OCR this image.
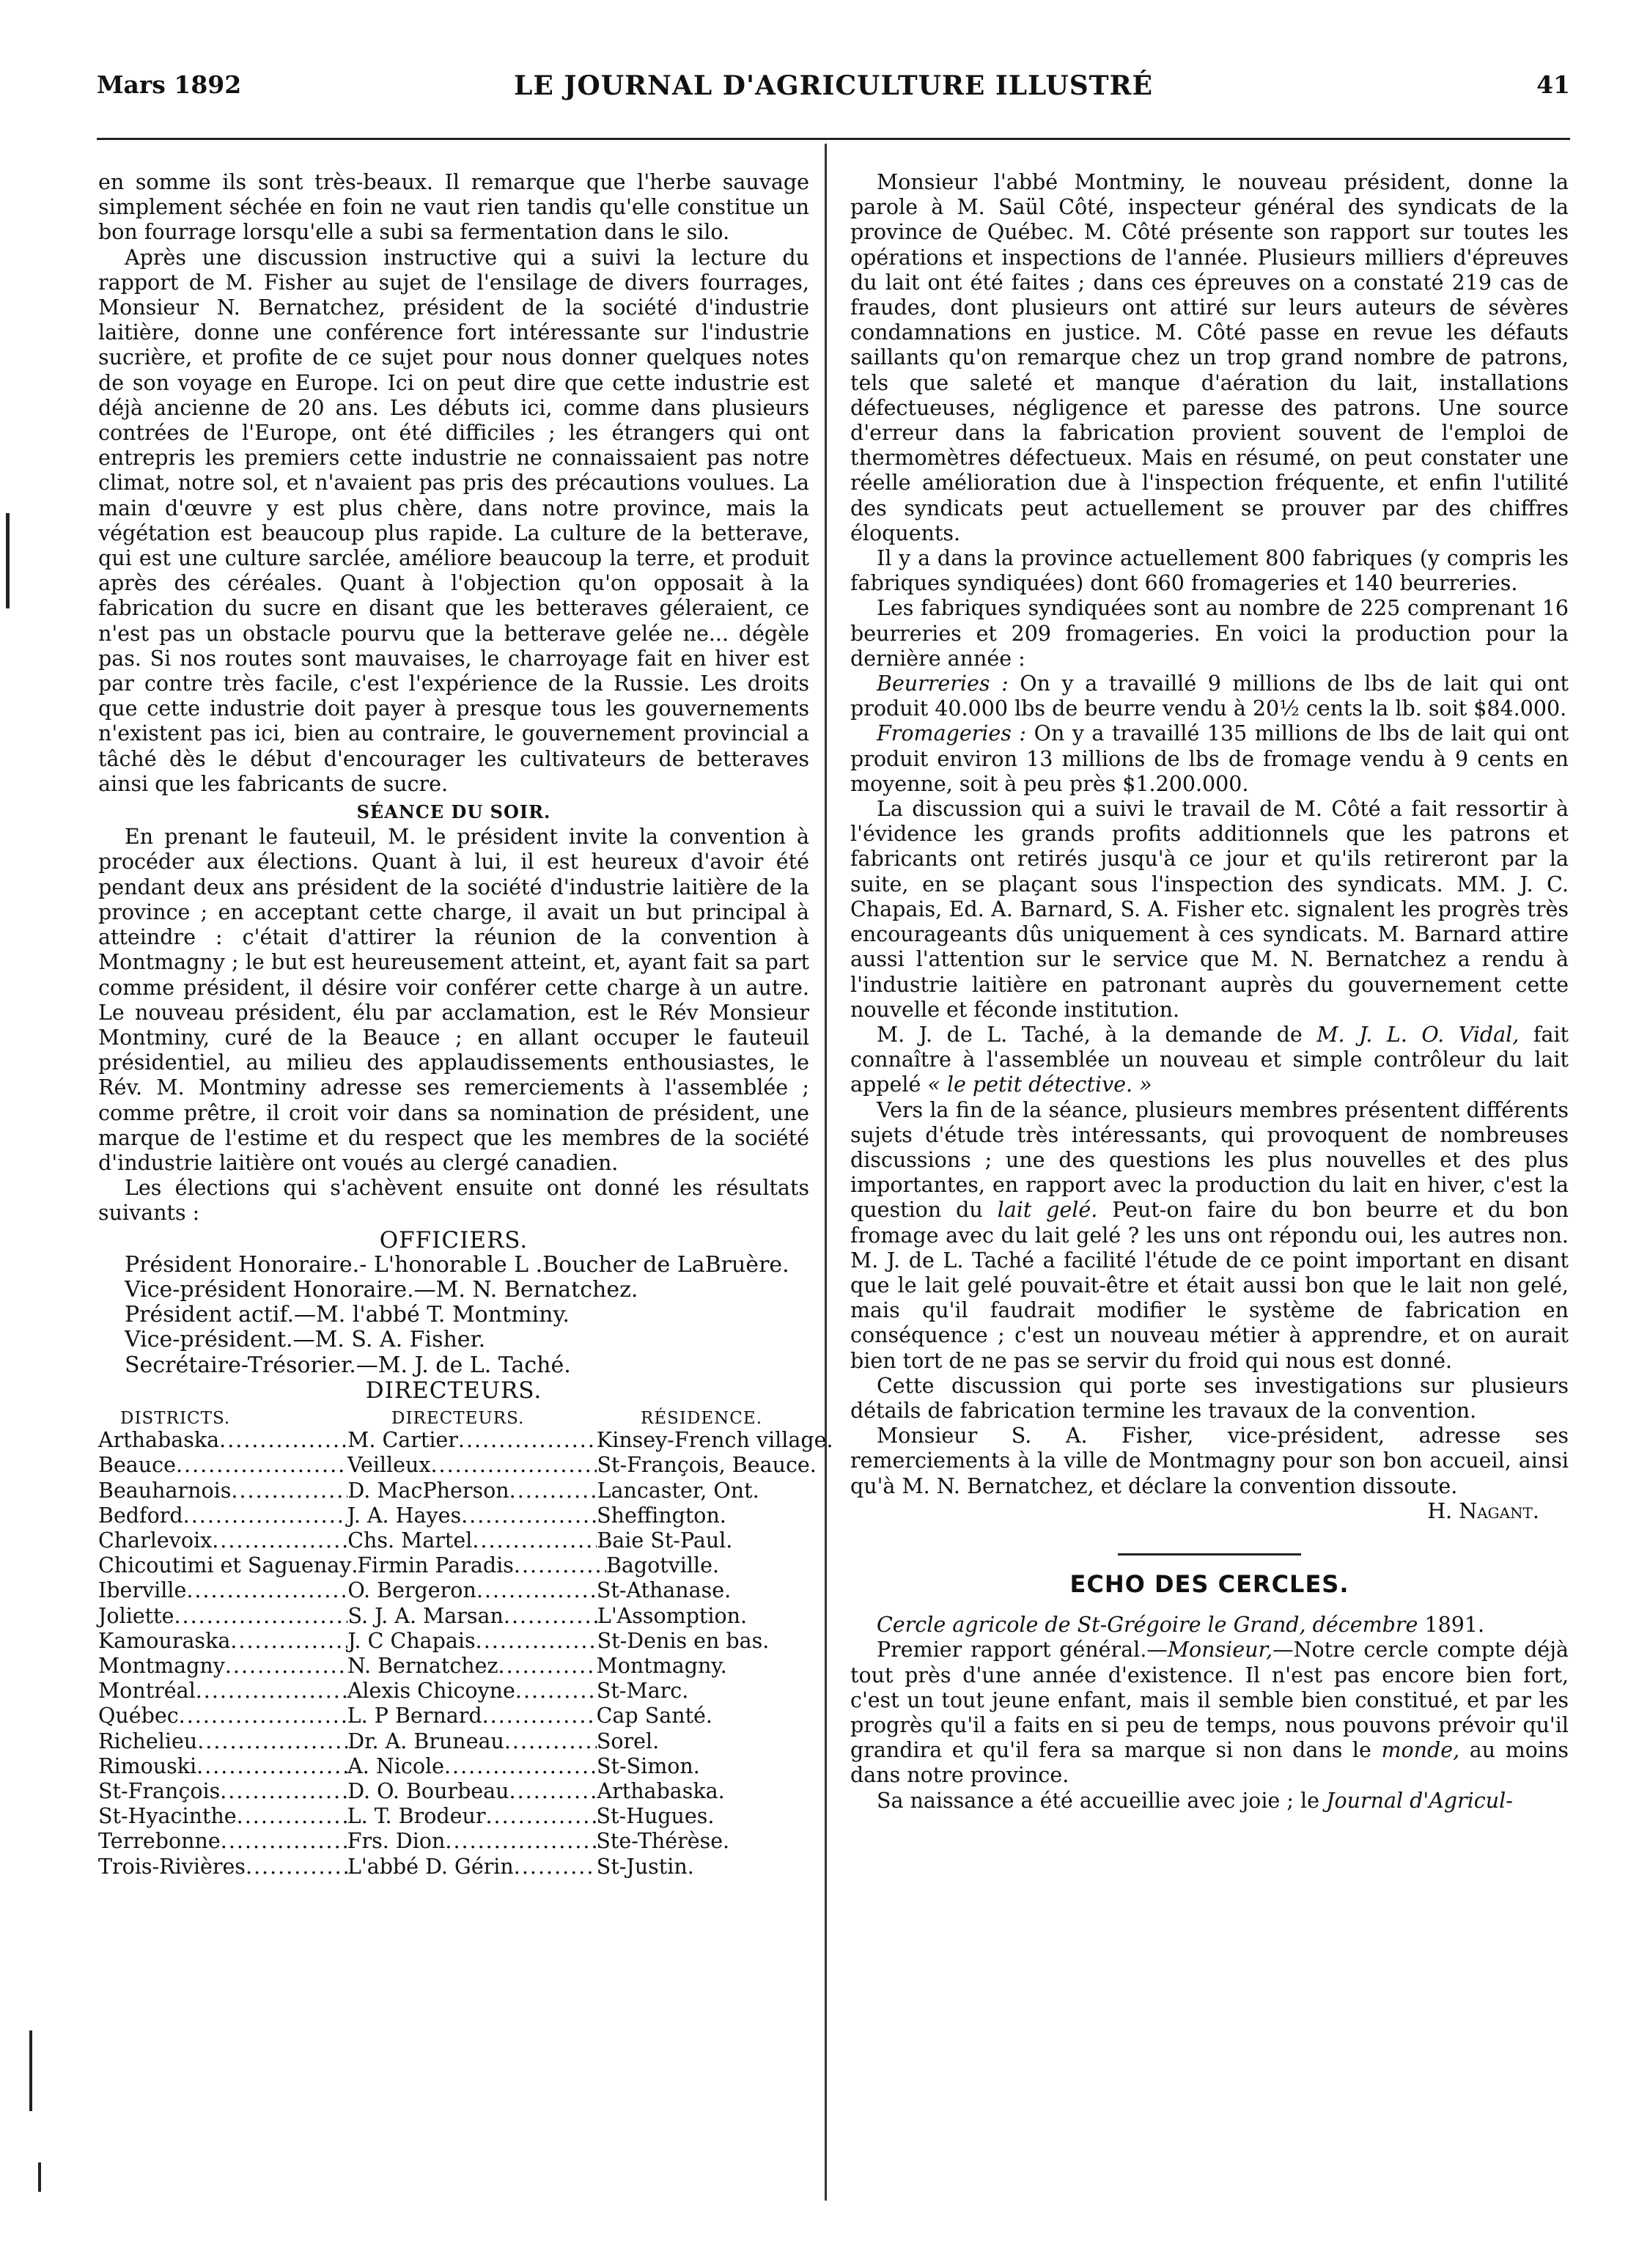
Mars 1892	LE JOURNAL D'AGRICULTURE ILLUSTRÉ	41

en somme ils sont très-beaux. Il remarque que l'herbe sauvage simplement séchée en foin ne vaut rien tandis qu'elle constitue un bon fourrage lorsqu'elle a subi sa fermentation dans le silo.

Après une discussion instructive qui a suivi la lecture du rapport de M. Fisher au sujet de l'ensilage de divers fourrages, Monsieur N. Bernatchez, président de la société d'industrie laitière, donne une conférence fort intéressante sur l'industrie sucrière, et profite de ce sujet pour nous donner quelques notes de son voyage en Europe. Ici on peut dire que cette industrie est déjà ancienne de 20 ans. Les débuts ici, comme dans plusieurs contrées de l'Europe, ont été difficiles ; les étrangers qui ont entrepris les premiers cette industrie ne connaissaient pas notre climat, notre sol, et n'avaient pas pris des précautions voulues. La main d'œuvre y est plus chère, dans notre province, mais la végétation est beaucoup plus rapide. La culture de la betterave, qui est une culture sarclée, améliore beaucoup la terre, et produit après des céréales. Quant à l'objection qu'on opposait à la fabrication du sucre en disant que les betteraves géleraient, ce n'est pas un obstacle pourvu que la betterave gelée ne... dégèle pas. Si nos routes sont mauvaises, le charroyage fait en hiver est par contre très facile, c'est l'expérience de la Russie. Les droits que cette industrie doit payer à presque tous les gouvernements n'existent pas ici, bien au contraire, le gouvernement provincial a tâché dès le début d'encourager les cultivateurs de betteraves ainsi que les fabricants de sucre.

SÉANCE DU SOIR.

En prenant le fauteuil, M. le président invite la convention à procéder aux élections. Quant à lui, il est heureux d'avoir été pendant deux ans président de la société d'industrie laitière de la province ; en acceptant cette charge, il avait un but principal à atteindre : c'était d'attirer la réunion de la convention à Montmagny ; le but est heureusement atteint, et, ayant fait sa part comme président, il désire voir conférer cette charge à un autre. Le nouveau président, élu par acclamation, est le Rév Monsieur Montminy, curé de la Beauce ; en allant occuper le fauteuil présidentiel, au milieu des applaudissements enthousiastes, le Rév. M. Montminy adresse ses remerciements à l'assemblée ; comme prêtre, il croit voir dans sa nomination de président, une marque de l'estime et du respect que les membres de la société d'industrie laitière ont voués au clergé canadien.

Les élections qui s'achèvent ensuite ont donné les résultats suivants :

OFFICIERS.
Président Honoraire.- L'honorable L .Boucher de LaBruère.
Vice-président Honoraire.—M. N. Bernatchez.
Président actif.—M. l'abbé T. Montminy.
Vice-président.—M. S. A. Fisher.
Secrétaire-Trésorier.—M. J. de L. Taché.
DIRECTEURS.
DISTRICTS.	DIRECTEURS.	RÉSIDENCE.
Arthabaska .....	M. Cartier .....	Kinsey-French village.
Beauce .....	Veilleux .....	St-François, Beauce.
Beauharnois .....	D. MacPherson .....	Lancaster, Ont.
Bedford .....	J. A. Hayes .....	Sheffington.
Charlevoix .....	Chs. Martel .....	Baie St-Paul.
Chicoutimi et Saguenay ..... Firmin Paradis .....	Bagotville.
Iberville .....	O. Bergeron .....	St-Athanase.
Joliette .....	S. J. A. Marsan .....	L'Assomption.
Kamouraska .....	J. C Chapais .....	St-Denis en bas.
Montmagny .....	N. Bernatchez .....	Montmagny.
Montréal .....	Alexis Chicoyne .....	St-Marc.
Québec .....	L. P Bernard .....	Cap Santé.
Richelieu .....	Dr. A. Bruneau .....	Sorel.
Rimouski .....	A. Nicole .....	St-Simon.
St-François .....	D. O. Bourbeau .....	Arthabaska.
St-Hyacinthe .....	L. T. Brodeur .....	St-Hugues.
Terrebonne .....	Frs. Dion .....	Ste-Thérèse.
Trois-Rivières .....	L'abbé D. Gérin .....	St-Justin.

Monsieur l'abbé Montminy, le nouveau président, donne la parole à M. Saül Côté, inspecteur général des syndicats de la province de Québec. M. Côté présente son rapport sur toutes les opérations et inspections de l'année. Plusieurs milliers d'épreuves du lait ont été faites ; dans ces épreuves on a constaté 219 cas de fraudes, dont plusieurs ont attiré sur leurs auteurs de sévères condamnations en justice. M. Côté passe en revue les défauts saillants qu'on remarque chez un trop grand nombre de patrons, tels que saleté et manque d'aération du lait, installations défectueuses, négligence et paresse des patrons. Une source d'erreur dans la fabrication provient souvent de l'emploi de thermomètres défectueux. Mais en résumé, on peut constater une réelle amélioration due à l'inspection fréquente, et enfin l'utilité des syndicats peut actuellement se prouver par des chiffres éloquents.

Il y a dans la province actuellement 800 fabriques (y compris les fabriques syndiquées) dont 660 fromageries et 140 beurreries.

Les fabriques syndiquées sont au nombre de 225 comprenant 16 beurreries et 209 fromageries. En voici la production pour la dernière année :

Beurreries : On y a travaillé 9 millions de lbs de lait qui ont produit 40.000 lbs de beurre vendu à 20½ cents la lb. soit $84.000.

Fromageries : On y a travaillé 135 millions de lbs de lait qui ont produit environ 13 millions de lbs de fromage vendu à 9 cents en moyenne, soit à peu près $1.200.000.

La discussion qui a suivi le travail de M. Côté a fait ressortir à l'évidence les grands profits additionnels que les patrons et fabricants ont retirés jusqu'à ce jour et qu'ils retireront par la suite, en se plaçant sous l'inspection des syndicats. MM. J. C. Chapais, Ed. A. Barnard, S. A. Fisher etc. signalent les progrès très encourageants dûs uniquement à ces syndicats. M. Barnard attire aussi l'attention sur le service que M. N. Bernatchez a rendu à l'industrie laitière en patronant auprès du gouvernement cette nouvelle et féconde institution.

M. J. de L. Taché, à la demande de M. J. L. O. Vidal, fait connaître à l'assemblée un nouveau et simple contrôleur du lait appelé « le petit détective. »

Vers la fin de la séance, plusieurs membres présentent différents sujets d'étude très intéressants, qui provoquent de nombreuses discussions ; une des questions les plus nouvelles et des plus importantes, en rapport avec la production du lait en hiver, c'est la question du lait gelé. Peut-on faire du bon beurre et du bon fromage avec du lait gelé ? les uns ont répondu oui, les autres non. M. J. de L. Taché a facilité l'étude de ce point important en disant que le lait gelé pouvait-être et était aussi bon que le lait non gelé, mais qu'il faudrait modifier le système de fabrication en conséquence ; c'est un nouveau métier à apprendre, et on aurait bien tort de ne pas se servir du froid qui nous est donné.

Cette discussion qui porte ses investigations sur plusieurs détails de fabrication termine les travaux de la convention.

Monsieur S. A. Fisher, vice-président, adresse ses remerciements à la ville de Montmagny pour son bon accueil, ainsi qu'à M. N. Bernatchez, et déclare la convention dissoute.

H. Nagant.
ECHO DES CERCLES.

Cercle agricole de St-Grégoire le Grand, décembre 1891.

Premier rapport général.—Monsieur,—Notre cercle compte déjà tout près d'une année d'existence. Il n'est pas encore bien fort, c'est un tout jeune enfant, mais il semble bien constitué, et par les progrès qu'il a faits en si peu de temps, nous pouvons prévoir qu'il grandira et qu'il fera sa marque si non dans le monde, au moins dans notre province.

Sa naissance a été accueillie avec joie ; le Journal d'Agricul-
